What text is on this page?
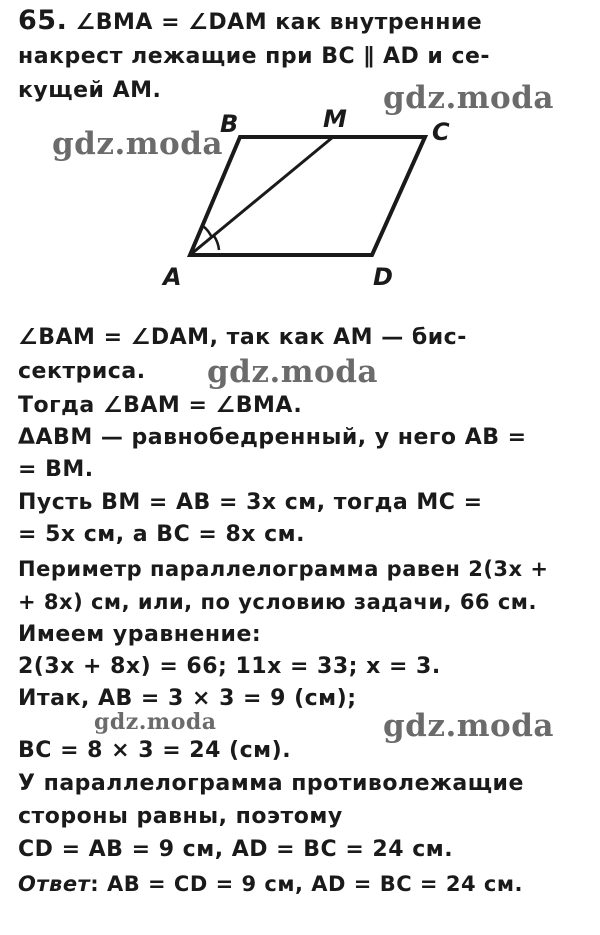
65. ∠BMA = ∠DAM как внутренние
накрест лежащие при BC ∥ AD и се-
кущей AM.
B	M	C
A	D
∠BAM = ∠DAM, так как AM — бис-
сектриса.
Тогда ∠BAM = ∠BMA.
ΔABM — равнобедренный, у него AB =
= BM.
Пусть BM = AB = 3x см, тогда MC =
= 5x см, а BC = 8x см.
Периметр параллелограмма равен 2(3x +
+ 8x) см, или, по условию задачи, 66 см.
Имеем уравнение:
2(3x + 8x) = 66; 11x = 33; x = 3.
Итак, AB = 3 × 3 = 9 (см);
BC = 8 × 3 = 24 (см).
У параллелограмма противолежащие
стороны равны, поэтому
CD = AB = 9 см, AD = BC = 24 см.
Ответ: AB = CD = 9 см, AD = BC = 24 см.
gdz.moda
gdz.moda
gdz.moda
gdz.moda	gdz.moda
